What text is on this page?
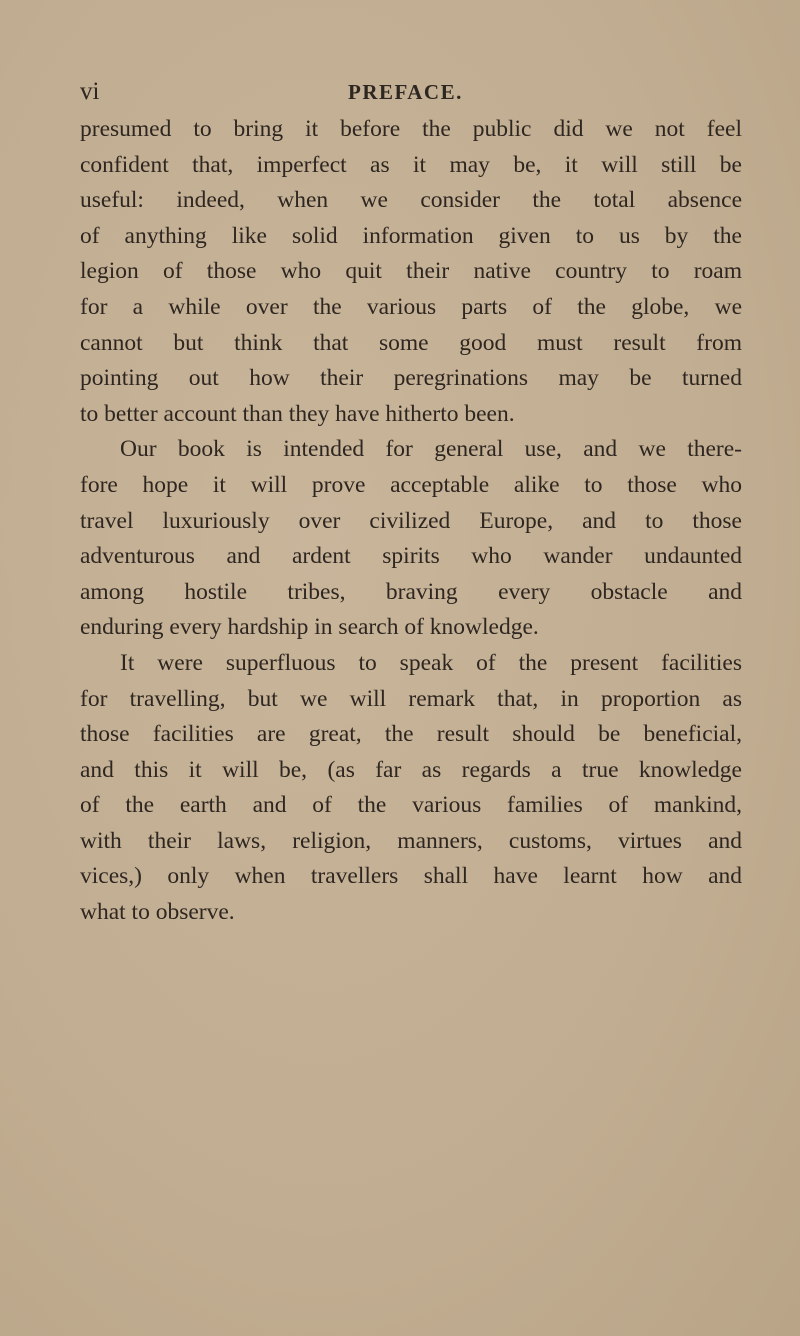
vi	PREFACE.
presumed to bring it before the public did we not feel
confident that, imperfect as it may be, it will still be
useful: indeed, when we consider the total absence
of anything like solid information given to us by the
legion of those who quit their native country to roam
for a while over the various parts of the globe, we
cannot but think that some good must result from
pointing out how their peregrinations may be turned
to better account than they have hitherto been.
Our book is intended for general use, and we there-
fore hope it will prove acceptable alike to those who
travel luxuriously over civilized Europe, and to those
adventurous and ardent spirits who wander undaunted
among hostile tribes, braving every obstacle and
enduring every hardship in search of knowledge.
It were superfluous to speak of the present facilities
for travelling, but we will remark that, in proportion as
those facilities are great, the result should be beneficial,
and this it will be, (as far as regards a true knowledge
of the earth and of the various families of mankind,
with their laws, religion, manners, customs, virtues and
vices,) only when travellers shall have learnt how and
what to observe.
